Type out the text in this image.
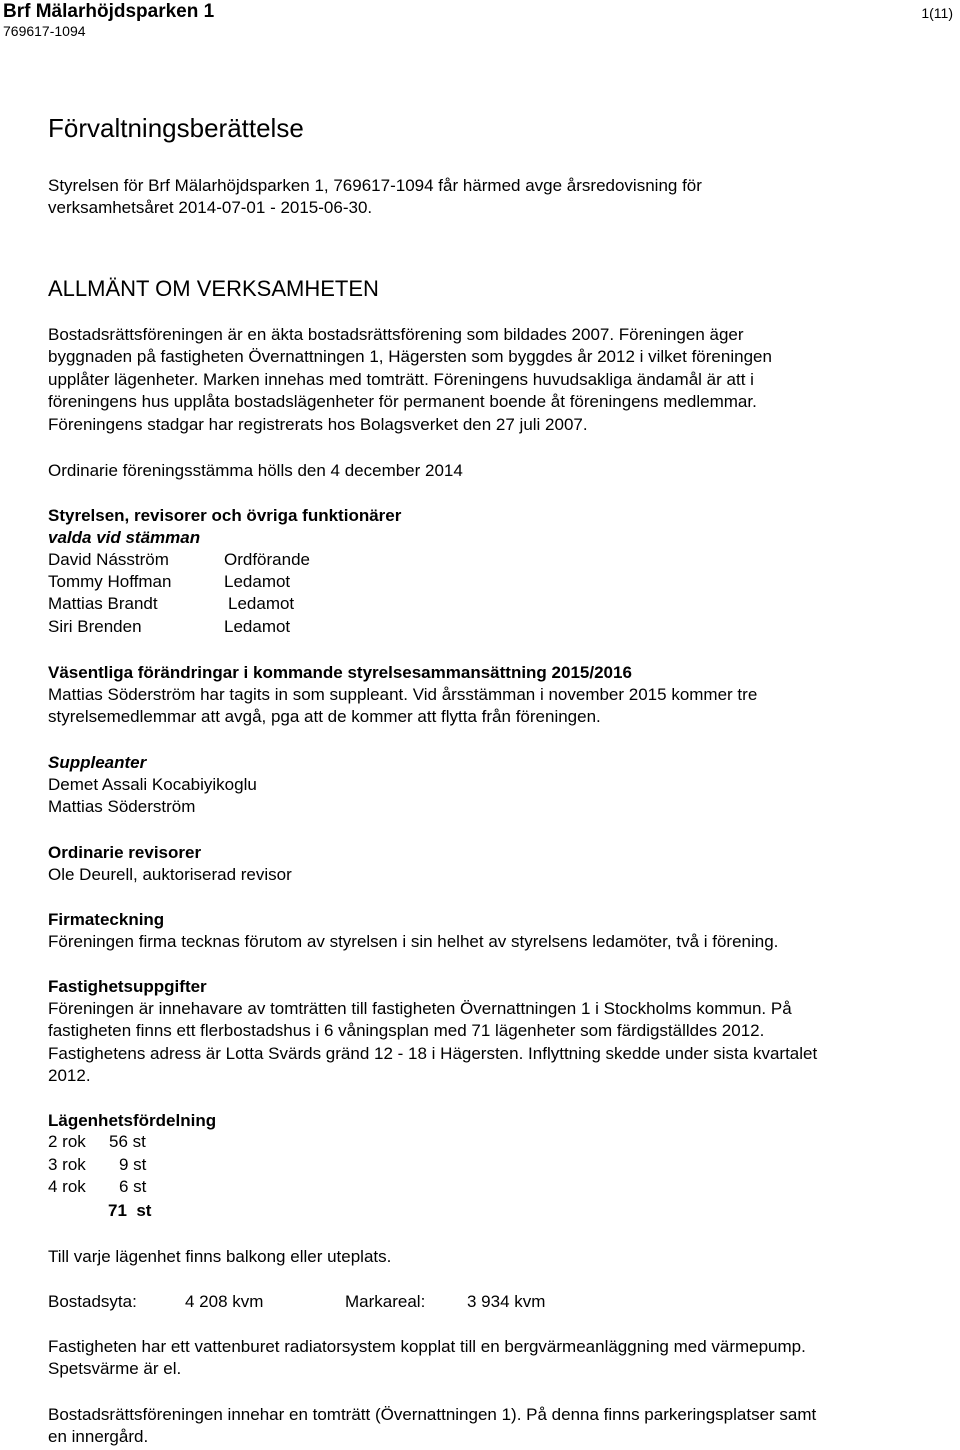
Brf Mälarhöjdsparken 1
769617-1094
1(11)
Förvaltningsberättelse
Styrelsen för Brf Mälarhöjdsparken 1, 769617-1094 får härmed avge årsredovisning för
verksamhetsåret 2014-07-01 - 2015-06-30.
ALLMÄNT OM VERKSAMHETEN
Bostadsrättsföreningen är en äkta bostadsrättsförening som bildades 2007. Föreningen äger
byggnaden på fastigheten Övernattningen 1, Hägersten som byggdes år 2012 i vilket föreningen
upplåter lägenheter. Marken innehas med tomträtt. Föreningens huvudsakliga ändamål är att i
föreningens hus upplåta bostadslägenheter för permanent boende åt föreningens medlemmar.
Föreningens stadgar har registrerats hos Bolagsverket den 27 juli 2007.
Ordinarie föreningsstämma hölls den 4 december 2014
Styrelsen, revisorer och övriga funktionärer
valda vid stämman
David Násström	Ordförande
Tommy Hoffman	Ledamot
Mattias Brandt	Ledamot
Siri Brenden	Ledamot
Väsentliga förändringar i kommande styrelsesammansättning 2015/2016
Mattias Söderström har tagits in som suppleant. Vid årsstämman i november 2015 kommer tre
styrelsemedlemmar att avgå, pga att de kommer att flytta från föreningen.
Suppleanter
Demet Assali Kocabiyikoglu
Mattias Söderström
Ordinarie revisorer
Ole Deurell, auktoriserad revisor
Firmateckning
Föreningen firma tecknas förutom av styrelsen i sin helhet av styrelsens ledamöter, två i förening.
Fastighetsuppgifter
Föreningen är innehavare av tomträtten till fastigheten Övernattningen 1 i Stockholms kommun. På
fastigheten finns ett flerbostadshus i 6 våningsplan med 71 lägenheter som färdigställdes 2012.
Fastighetens adress är Lotta Svärds gränd 12 - 18 i Hägersten. Inflyttning skedde under sista kvartalet
2012.
Lägenhetsfördelning
2 rok 56 st
3 rok 9 st
4 rok 6 st
71  st
Till varje lägenhet finns balkong eller uteplats.
Bostadsyta:	4 208 kvm	Markareal: 3 934 kvm
Fastigheten har ett vattenburet radiatorsystem kopplat till en bergvärmeanläggning med värmepump.
Spetsvärme är el.
Bostadsrättsföreningen innehar en tomträtt (Övernattningen 1). På denna finns parkeringsplatser samt
en innergård.
